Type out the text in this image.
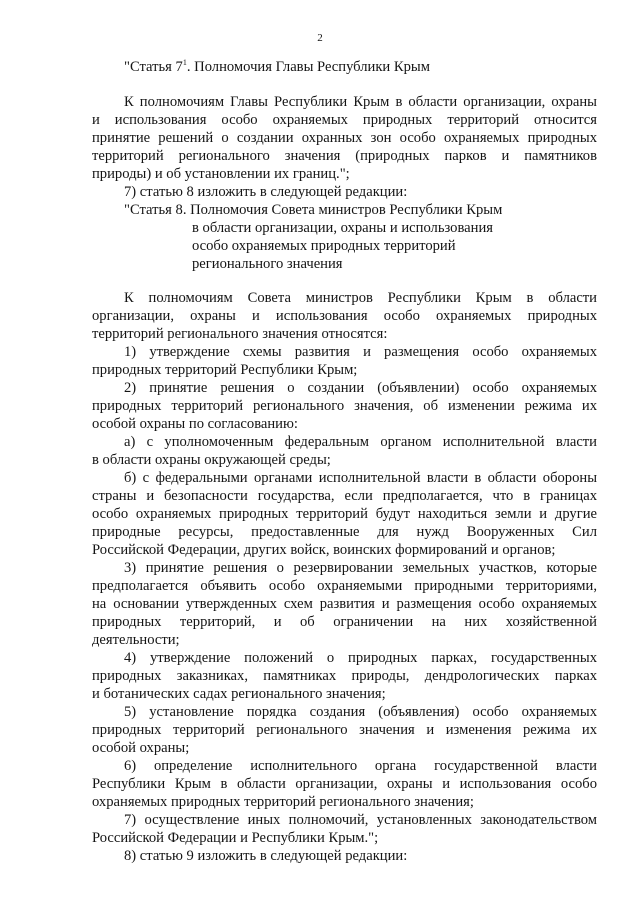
2
"Статья $7^1$. Полномочия Главы Республики Крым
К полномочиям Главы Республики Крым в области организации, охраны
и использования особо охраняемых природных территорий относится
принятие решений о создании охранных зон особо охраняемых природных
территорий регионального значения (природных парков и памятников
природы) и об установлении их границ.";
7) статью 8 изложить в следующей редакции:
"Статья 8. Полномочия Совета министров Республики Крым
в области организации, охраны и использования
особо охраняемых природных территорий
регионального значения
К полномочиям Совета министров Республики Крым в области
организации, охраны и использования особо охраняемых природных
территорий регионального значения относятся:
1) утверждение схемы развития и размещения особо охраняемых
природных территорий Республики Крым;
2) принятие решения о создании (объявлении) особо охраняемых
природных территорий регионального значения, об изменении режима их
особой охраны по согласованию:
а) с уполномоченным федеральным органом исполнительной власти
в области охраны окружающей среды;
б) с федеральными органами исполнительной власти в области обороны
страны и безопасности государства, если предполагается, что в границах
особо охраняемых природных территорий будут находиться земли и другие
природные ресурсы, предоставленные для нужд Вооруженных Сил
Российской Федерации, других войск, воинских формирований и органов;
3) принятие решения о резервировании земельных участков, которые
предполагается объявить особо охраняемыми природными территориями,
на основании утвержденных схем развития и размещения особо охраняемых
природных территорий, и об ограничении на них хозяйственной
деятельности;
4) утверждение положений о природных парках, государственных
природных заказниках, памятниках природы, дендрологических парках
и ботанических садах регионального значения;
5) установление порядка создания (объявления) особо охраняемых
природных территорий регионального значения и изменения режима их
особой охраны;
6) определение исполнительного органа государственной власти
Республики Крым в области организации, охраны и использования особо
охраняемых природных территорий регионального значения;
7) осуществление иных полномочий, установленных законодательством
Российской Федерации и Республики Крым.";
8) статью 9 изложить в следующей редакции:
